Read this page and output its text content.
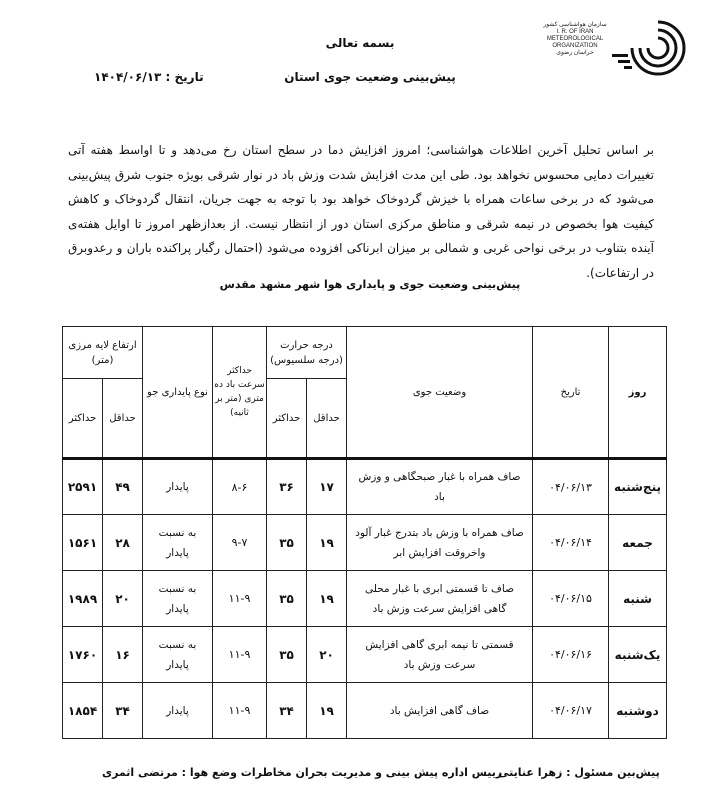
سازمان هواشناسی کشور
I. R. OF IRAN
METEOROLOGICAL
ORGANIZATION
خراسان رضوی
بسمه تعالی
پیش‌بینی وضعیت جوی استان
تاریخ : ۱۴۰۴/۰۶/۱۳
بر اساس تحلیل آخرین اطلاعات هواشناسی؛ امروز افزایش دما در سطح استان رخ می‌دهد و تا اواسط هفته آتی تغییرات دمایی محسوس نخواهد بود. طی این مدت افزایش شدت وزش باد در نوار شرقی بویژه جنوب شرق پیش‌بینی می‌شود که در برخی ساعات همراه با خیزش گردوخاک خواهد بود با توجه به جهت جریان، انتقال گردوخاک و کاهش کیفیت هوا بخصوص در نیمه شرقی و مناطق مرکزی استان دور از انتظار نیست. از بعدازظهر امروز تا اوایل هفته‌ی آینده بتناوب در برخی نواحی غربی و شمالی بر میزان ابرناکی افزوده می‌شود (احتمال رگبار پراکنده باران و رعدوبرق در ارتفاعات).
پیش‌بینی وضعیت جوی و پایداری هوا شهر مشهد مقدس
روز	تاریخ	وضعیت جوی	درجه حرارت (درجه سلسیوس)		حداکثر سرعت باد ده متری (متر بر ثانیه)	نوع پایداری جو	ارتفاع لایه مرزی (متر)	
			حداقل	حداکثر			حداقل	حداکثر
پنج‌شنبه	۰۴/۰۶/۱۳	صاف همراه با غبار صبحگاهی و وزش باد	۱۷	۳۶	۸-۶	پایدار	۴۹	۲۵۹۱
جمعه	۰۴/۰۶/۱۴	صاف همراه با وزش باد بتدرج غبار آلود واخروقت افزایش ابر	۱۹	۳۵	۹-۷	به نسبت پایدار	۲۸	۱۵۶۱
شنبه	۰۴/۰۶/۱۵	صاف تا قسمتی ابری با غبار محلی گاهی افزایش سرعت وزش باد	۱۹	۳۵	۱۱-۹	به نسبت پایدار	۲۰	۱۹۸۹
یک‌شنبه	۰۴/۰۶/۱۶	قسمتی تا نیمه ابری گاهی افزایش سرعت وزش باد	۲۰	۳۵	۱۱-۹	به نسبت پایدار	۱۶	۱۷۶۰
دوشنبه	۰۴/۰۶/۱۷	صاف گاهی افزایش باد	۱۹	۳۴	۱۱-۹	پایدار	۳۴	۱۸۵۴
پیش‌بین مسئول : زهرا عنایتی
رییس اداره پیش بینی و مدیریت بحران مخاطرات وضع هوا : مرتضی اثمری
